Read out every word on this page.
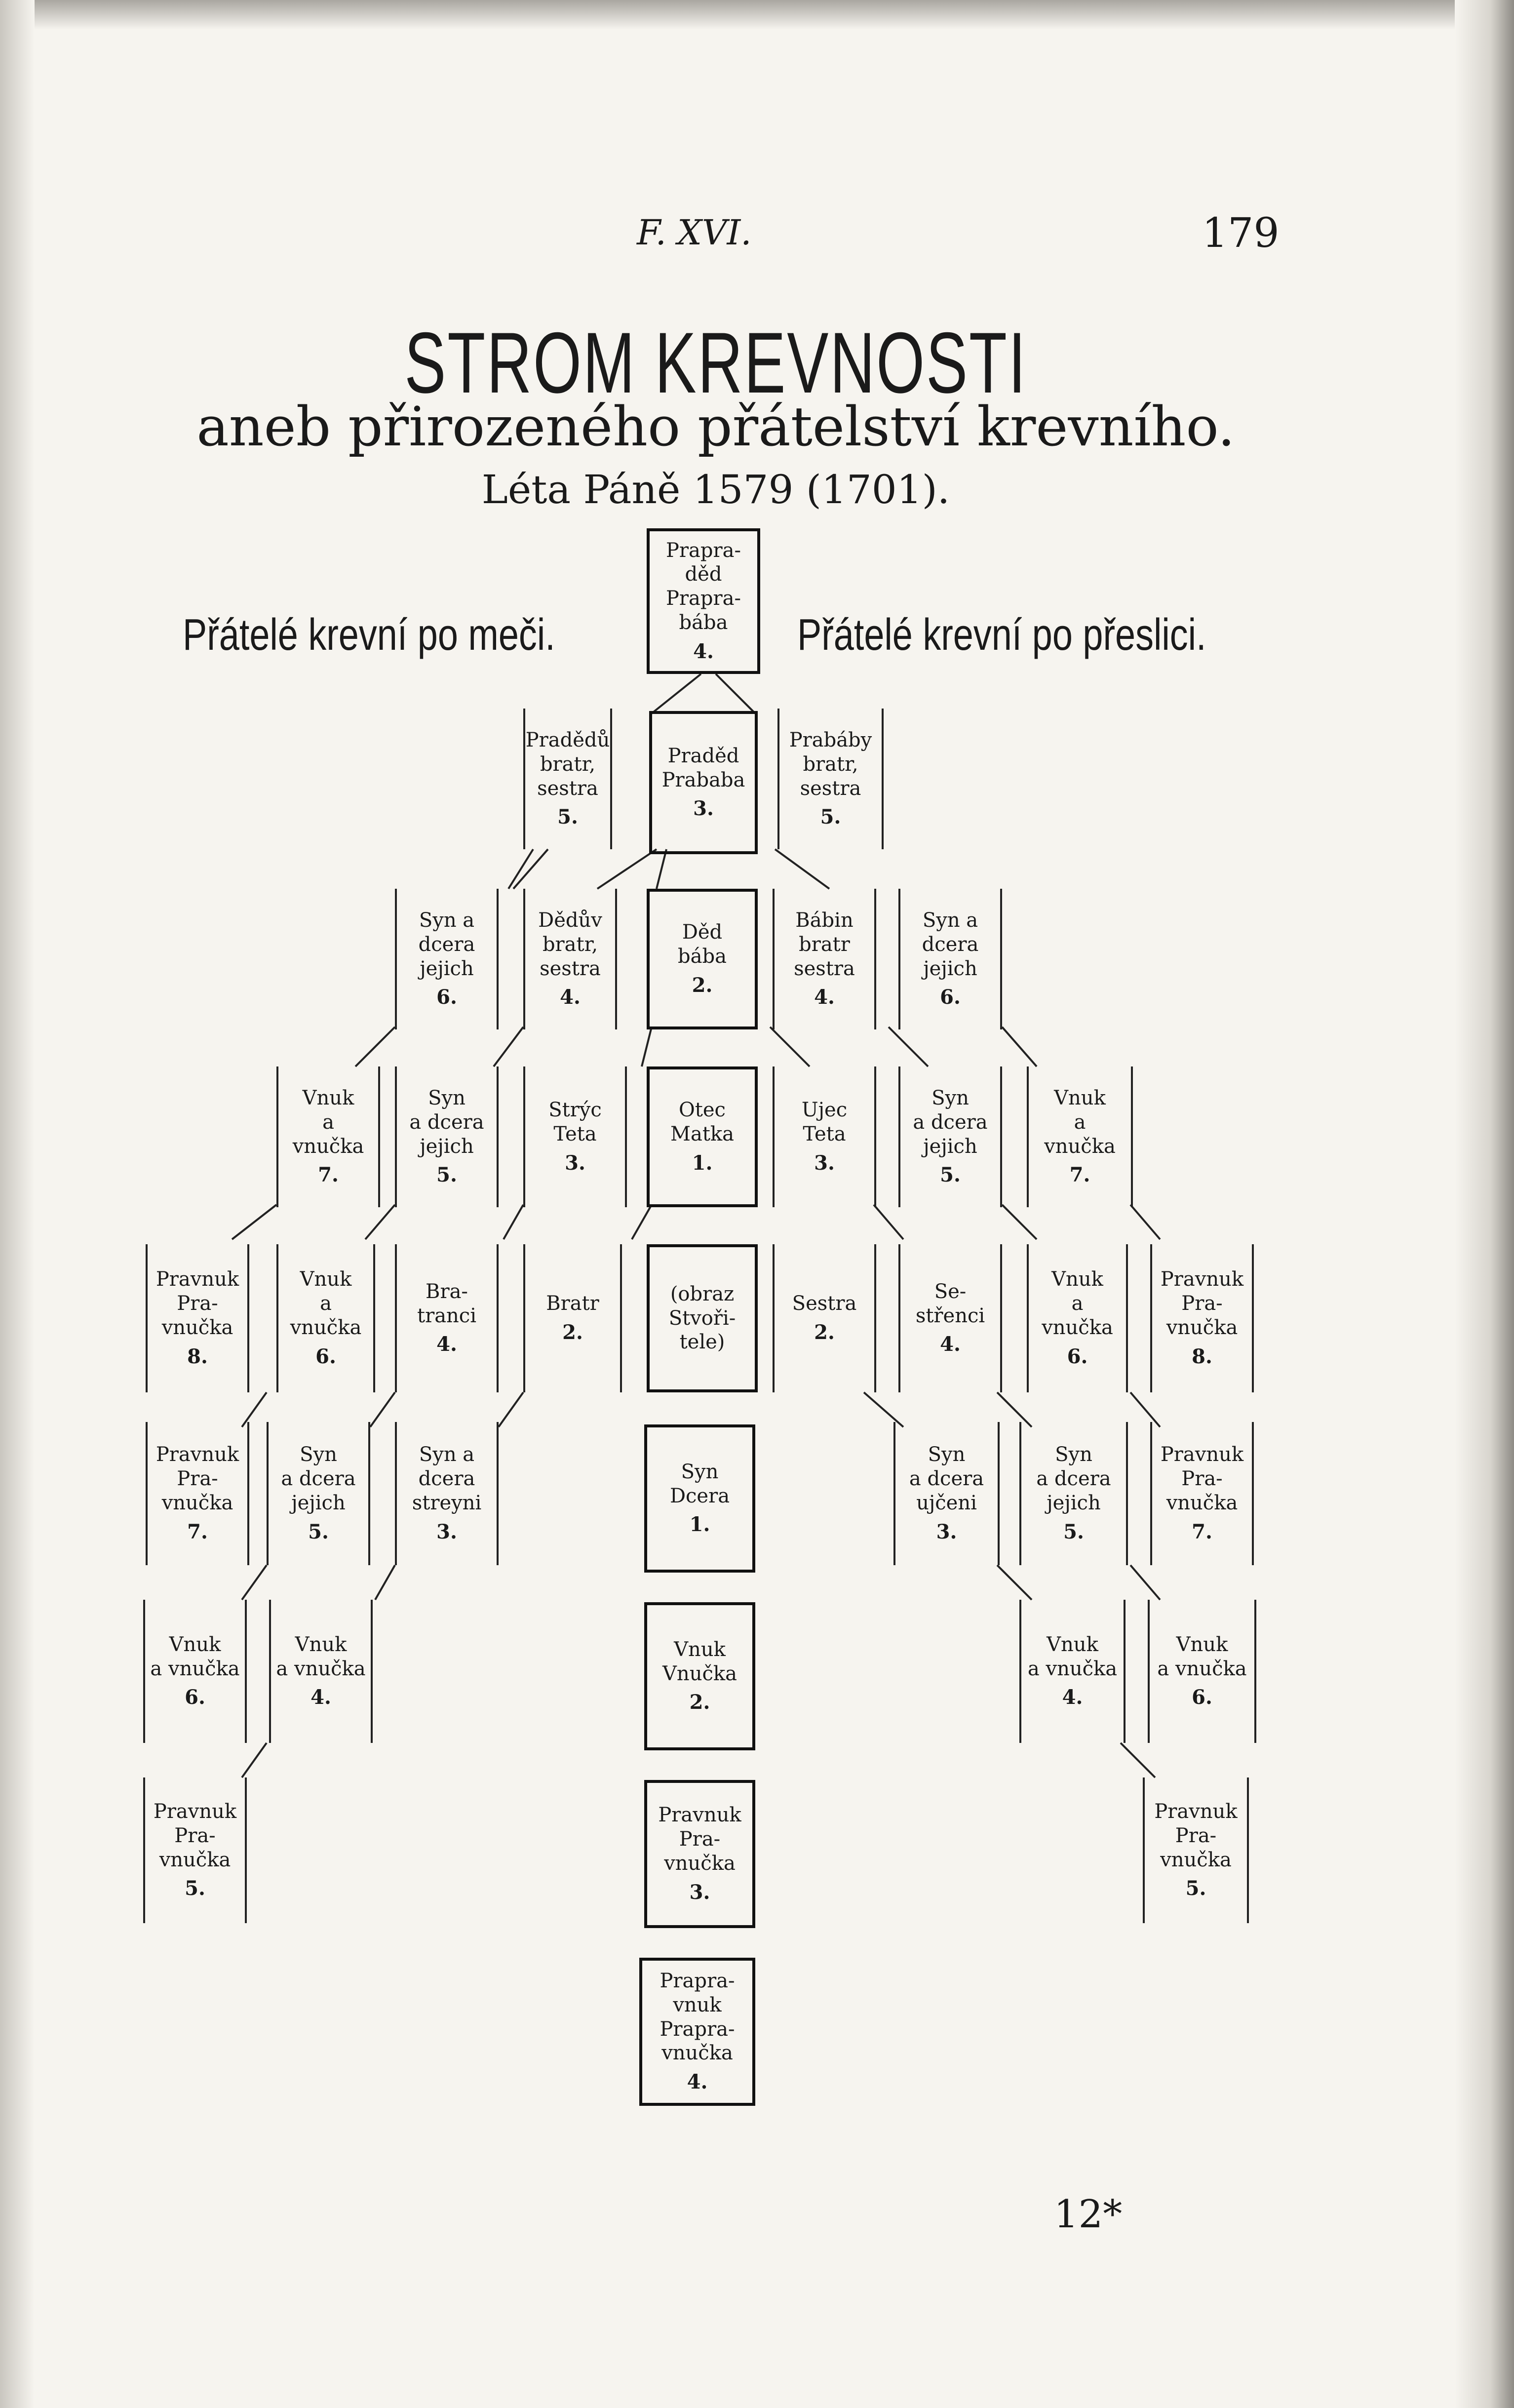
F. XVI.	179
STROM KREVNOSTI
aneb přirozeného přátelství krevního.
Léta Páně 1579 (1701).
Přátelé krevní po meči.	Přátelé krevní po přeslici.
Prapra-
děd
Praprа-
bába
4.
Pradědů
bratr,
sestra
5.
Praděd
Prababa
3.
Prabáby
bratr,
sestra
5.
Syn a
dcera
jejich
6.
Dědův
bratr,
sestra
4.
Děd
bába
2.
Bábin
bratr
sestra
4.
Syn a
dcera
jejich
6.
Vnuk
a
vnučka
7.
Syn
a dcera
jejich
5.
Strýc
Teta
3.
Otec
Matka
1.
Ujec
Teta
3.
Syn
a dcera
jejich
5.
Vnuk
a
vnučka
7.
Pravnuk
Pra-
vnučka
8.
Vnuk
a
vnučka
6.
Bra-
tranci
4.
Bratr
2.
(obraz
Stvoři-
tele)
Sestra
2.
Se-
střenci
4.
Vnuk
a
vnučka
6.
Pravnuk
Pra-
vnučka
8.
Pravnuk
Pra-
vnučka
7.
Syn
a dcera
jejich
5.
Syn a
dcera
streyni
3.
Syn
Dcera
1.
Syn
a dcera
ujčeni
3.
Syn
a dcera
jejich
5.
Pravnuk
Pra-
vnučka
7.
Vnuk
a vnučka
6.
Vnuk
a vnučka
4.
Vnuk
Vnučka
2.
Vnuk
a vnučka
4.
Vnuk
a vnučka
6.
Pravnuk
Pra-
vnučka
5.
Pravnuk
Pra-
vnučka
3.
Pravnuk
Pra-
vnučka
5.
Prapra-
vnuk
Prapra-
vnučka
4.
12*
